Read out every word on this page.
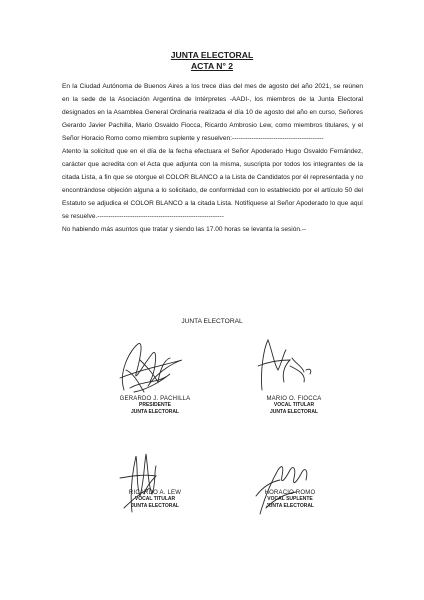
JUNTA ELECTORAL
ACTA N° 2

En la Ciudad Autónoma de Buenos Aires a los trece días del mes de agosto del año 2021, se reúnen en la sede de la Asociación Argentina de Intérpretes -AADI-, los miembros de la Junta Electoral designados en la Asamblea General Ordinaria realizada el día 10 de agosto del año en curso, Señores Gerardo Javier Pachilla, Mario Osvaldo Fiocca, Ricardo Ambrosio Lew, como miembros titulares, y el Señor Horacio Romo como miembro suplente y resuelven:------------------------------------------

Atento la solicitud que en el día de la fecha efectuara el Señor Apoderado Hugo Osvaldo Fernández, carácter que acredita con el Acta que adjunta con la misma, suscripta por todos los integrantes de la citada Lista, a fin que se otorgue el COLOR BLANCO a la Lista de Candidatos por él representada y no encontrándose objeción alguna a lo solicitado, de conformidad con lo establecido por el artículo 50 del Estatuto se adjudica el COLOR BLANCO a la citada Lista. Notifíquese al Señor Apoderado lo que aquí se resuelve.----------------------------------------------------------

No habiendo más asuntos que tratar y siendo las 17.00 horas se levanta la sesión.--

JUNTA ELECTORAL
GERARDO J. PACHILLA
PRESIDENTE
JUNTA ELECTORAL
MARIO O. FIOCCA
VOCAL TITULAR
JUNTA ELECTORAL
RICARDO A. LEW
VOCAL TITULAR
JUNTA ELECTORAL
HORACIO ROMO
VOCAL SUPLENTE
JUNTA ELECTORAL
